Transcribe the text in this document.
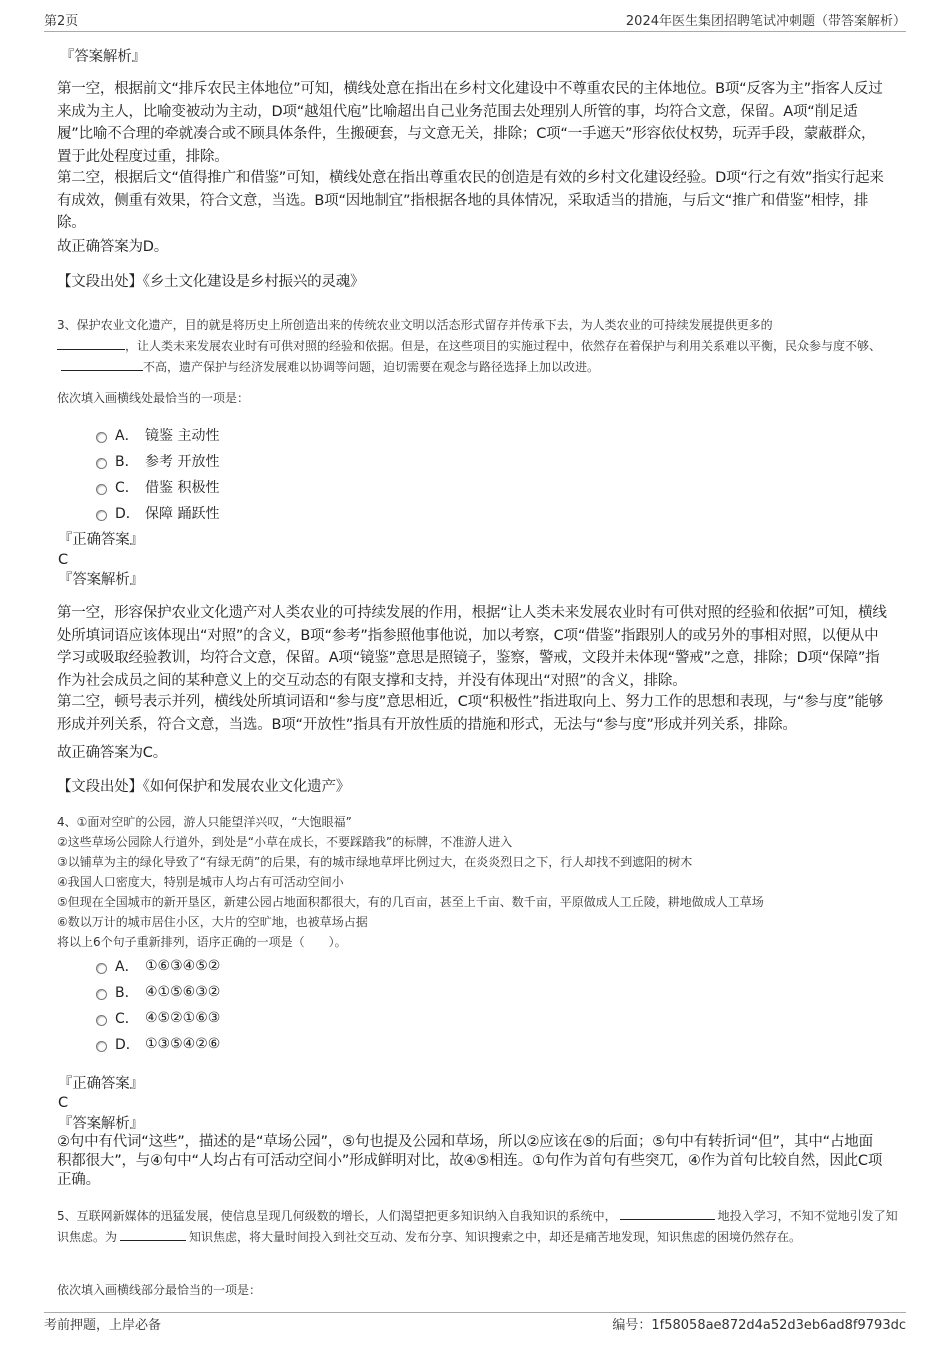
第2页	2024年医生集团招聘笔试冲刺题（带答案解析）
『答案解析』

第一空，根据前文“排斥农民主体地位”可知，横线处意在指出在乡村文化建设中不尊重农民的主体地位。B项“反客为主”指客人反过来成为主人，比喻变被动为主动，D项“越俎代庖”比喻超出自己业务范围去处理别人所管的事，均符合文意，保留。A项“削足适履”比喻不合理的牵就凑合或不顾具体条件，生搬硬套，与文意无关，排除；C项“一手遮天”形容依仗权势，玩弄手段，蒙蔽群众，置于此处程度过重，排除。

第二空，根据后文“值得推广和借鉴”可知，横线处意在指出尊重农民的创造是有效的乡村文化建设经验。D项“行之有效”指实行起来有成效，侧重有效果，符合文意，当选。B项“因地制宜”指根据各地的具体情况，采取适当的措施，与后文“推广和借鉴”相悖，排除。

故正确答案为D。

【文段出处】《乡土文化建设是乡村振兴的灵魂》

3、保护农业文化遗产，目的就是将历史上所创造出来的传统农业文明以活态形式留存并传承下去，为人类农业的可持续发展提供更多的
，让人类未来发展农业时有可供对照的经验和依据。但是，在这些项目的实施过程中，依然存在着保护与利用关系难以平衡，民众参与度不够、不高，遗产保护与经济发展难以协调等问题，迫切需要在观念与路径选择上加以改进。

依次填入画横线处最恰当的一项是：

A． 镜鉴 主动性
B． 参考 开放性
C． 借鉴 积极性
D． 保障 踊跃性
『正确答案』
C
『答案解析』

第一空，形容保护农业文化遗产对人类农业的可持续发展的作用，根据“让人类未来发展农业时有可供对照的经验和依据”可知，横线处所填词语应该体现出“对照”的含义，B项“参考”指参照他事他说，加以考察，C项“借鉴”指跟别人的或另外的事相对照，以便从中学习或吸取经验教训，均符合文意，保留。A项“镜鉴”意思是照镜子，鉴察，警戒，文段并未体现“警戒”之意，排除；D项“保障”指作为社会成员之间的某种意义上的交互动态的有限支撑和支持，并没有体现出“对照”的含义，排除。

第二空，顿号表示并列，横线处所填词语和“参与度”意思相近，C项“积极性”指进取向上、努力工作的思想和表现，与“参与度”能够形成并列关系，符合文意，当选。B项“开放性”指具有开放性质的措施和形式，无法与“参与度”形成并列关系，排除。

故正确答案为C。

【文段出处】《如何保护和发展农业文化遗产》

4、①面对空旷的公园，游人只能望洋兴叹，“大饱眼福”
②这些草场公园除人行道外，到处是“小草在成长，不要踩踏我”的标牌，不准游人进入
③以铺草为主的绿化导致了“有绿无荫”的后果，有的城市绿地草坪比例过大，在炎炎烈日之下，行人却找不到遮阳的树木
④我国人口密度大，特别是城市人均占有可活动空间小
⑤但现在全国城市的新开垦区，新建公园占地面积都很大，有的几百亩，甚至上千亩、数千亩，平原做成人工丘陵，耕地做成人工草场
⑥数以万计的城市居住小区，大片的空旷地，也被草场占据
将以上6个句子重新排列，语序正确的一项是（　　）。
A． ①⑥③④⑤②
B． ④①⑤⑥③②
C． ④⑤②①⑥③
D． ①③⑤④②⑥
『正确答案』
C
『答案解析』

②句中有代词“这些”，描述的是“草场公园”，⑤句也提及公园和草场，所以②应该在⑤的后面；⑤句中有转折词“但”，其中“占地面积都很大”，与④句中“人均占有可活动空间小”形成鲜明对比，故④⑤相连。①句作为首句有些突兀，④作为首句比较自然，因此C项正确。

5、互联网新媒体的迅猛发展，使信息呈现几何级数的增长，人们渴望把更多知识纳入自我知识的系统中，	地投入学习，不知不觉地引发了知识焦虑。为	知识焦虑，将大量时间投入到社交互动、发布分享、知识搜索之中，却还是痛苦地发现，知识焦虑的困境仍然存在。

依次填入画横线部分最恰当的一项是：

考前押题，上岸必备	编号：1f58058ae872d4a52d3eb6ad8f9793dc
